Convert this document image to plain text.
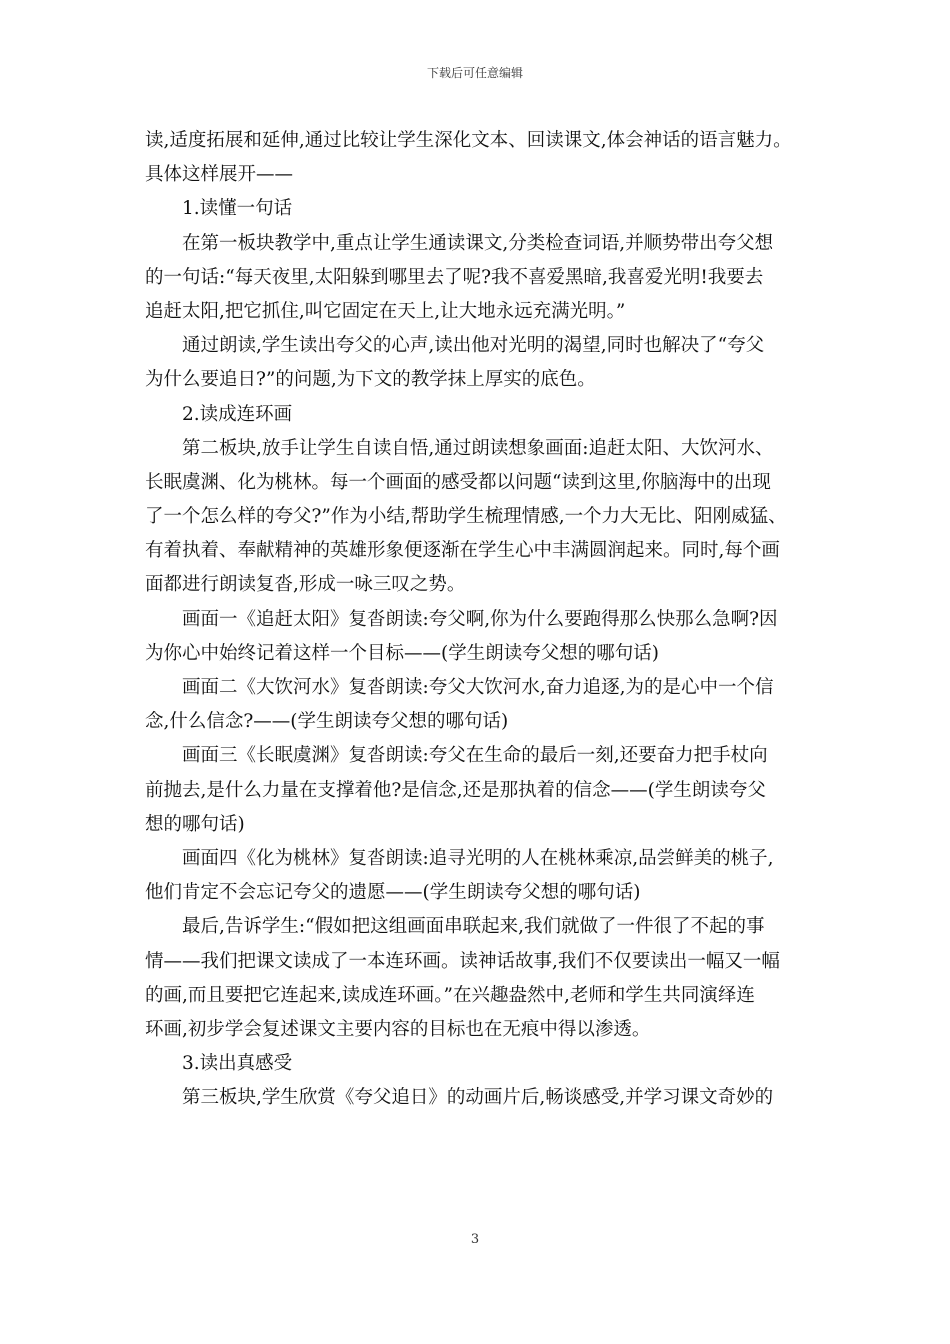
下载后可任意编辑
读,适度拓展和延伸,通过比较让学生深化文本、回读课文,体会神话的语言魅力。
具体这样展开——
1.读懂一句话
在第一板块教学中,重点让学生通读课文,分类检查词语,并顺势带出夸父想
的一句话:“每天夜里,太阳躲到哪里去了呢?我不喜爱黑暗,我喜爱光明!我要去
追赶太阳,把它抓住,叫它固定在天上,让大地永远充满光明。”
通过朗读,学生读出夸父的心声,读出他对光明的渴望,同时也解决了“夸父
为什么要追日?”的问题,为下文的教学抹上厚实的底色。
2.读成连环画
第二板块,放手让学生自读自悟,通过朗读想象画面:追赶太阳、大饮河水、
长眠虞渊、化为桃林。每一个画面的感受都以问题“读到这里,你脑海中的出现
了一个怎么样的夸父?”作为小结,帮助学生梳理情感,一个力大无比、阳刚威猛、
有着执着、奉献精神的英雄形象便逐渐在学生心中丰满圆润起来。同时,每个画
面都进行朗读复沓,形成一咏三叹之势。
画面一《追赶太阳》复沓朗读:夸父啊,你为什么要跑得那么快那么急啊?因
为你心中始终记着这样一个目标——(学生朗读夸父想的哪句话)
画面二《大饮河水》复沓朗读:夸父大饮河水,奋力追逐,为的是心中一个信
念,什么信念?——(学生朗读夸父想的哪句话)
画面三《长眠虞渊》复沓朗读:夸父在生命的最后一刻,还要奋力把手杖向
前抛去,是什么力量在支撑着他?是信念,还是那执着的信念——(学生朗读夸父
想的哪句话)
画面四《化为桃林》复沓朗读:追寻光明的人在桃林乘凉,品尝鲜美的桃子,
他们肯定不会忘记夸父的遗愿——(学生朗读夸父想的哪句话)
最后,告诉学生:“假如把这组画面串联起来,我们就做了一件很了不起的事
情——我们把课文读成了一本连环画。读神话故事,我们不仅要读出一幅又一幅
的画,而且要把它连起来,读成连环画。”在兴趣盎然中,老师和学生共同演绎连
环画,初步学会复述课文主要内容的目标也在无痕中得以渗透。
3.读出真感受
第三板块,学生欣赏《夸父追日》的动画片后,畅谈感受,并学习课文奇妙的
3
